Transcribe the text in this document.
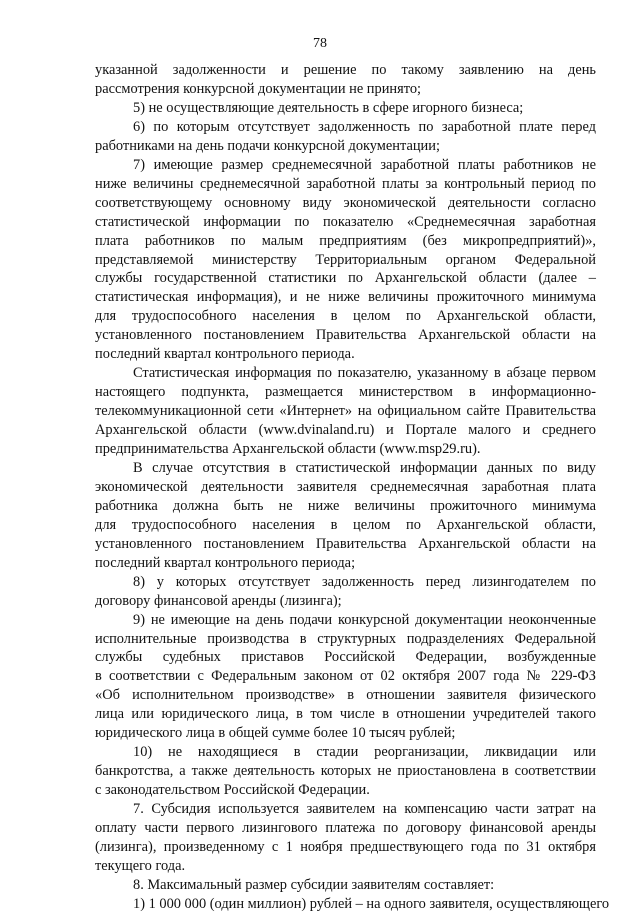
78
указанной задолженности и решение по такому заявлению на день
рассмотрения конкурсной документации не принято;
5) не осуществляющие деятельность в сфере игорного бизнеса;
6) по которым отсутствует задолженность по заработной плате перед
работниками на день подачи конкурсной документации;
7) имеющие размер среднемесячной заработной платы работников не
ниже величины среднемесячной заработной платы за контрольный период по
соответствующему основному виду экономической деятельности согласно
статистической информации по показателю «Среднемесячная заработная
плата работников по малым предприятиям (без микропредприятий)»,
представляемой министерству Территориальным органом Федеральной
службы государственной статистики по Архангельской области (далее –
статистическая информация), и не ниже величины прожиточного минимума
для трудоспособного населения в целом по Архангельской области,
установленного постановлением Правительства Архангельской области на
последний квартал контрольного периода.
Статистическая информация по показателю, указанному в абзаце первом
настоящего подпункта, размещается министерством в информационно-
телекоммуникационной сети «Интернет» на официальном сайте Правительства
Архангельской области (www.dvinaland.ru) и Портале малого и среднего
предпринимательства Архангельской области (www.msp29.ru).
В случае отсутствия в статистической информации данных по виду
экономической деятельности заявителя среднемесячная заработная плата
работника должна быть не ниже величины прожиточного минимума
для трудоспособного населения в целом по Архангельской области,
установленного постановлением Правительства Архангельской области на
последний квартал контрольного периода;
8) у которых отсутствует задолженность перед лизингодателем по
договору финансовой аренды (лизинга);
9) не имеющие на день подачи конкурсной документации неоконченные
исполнительные производства в структурных подразделениях Федеральной
службы судебных приставов Российской Федерации, возбужденные
в соответствии с Федеральным законом от 02 октября 2007 года № 229-ФЗ
«Об исполнительном производстве» в отношении заявителя физического
лица или юридического лица, в том числе в отношении учредителей такого
юридического лица в общей сумме более 10 тысяч рублей;
10) не находящиеся в стадии реорганизации, ликвидации или
банкротства, а также деятельность которых не приостановлена в соответствии
с законодательством Российской Федерации.
7. Субсидия используется заявителем на компенсацию части затрат на
оплату части первого лизингового платежа по договору финансовой аренды
(лизинга), произведенному с 1 ноября предшествующего года по 31 октября
текущего года.
8. Максимальный размер субсидии заявителям составляет:
1) 1 000 000 (один миллион) рублей – на одного заявителя, осуществляющего
